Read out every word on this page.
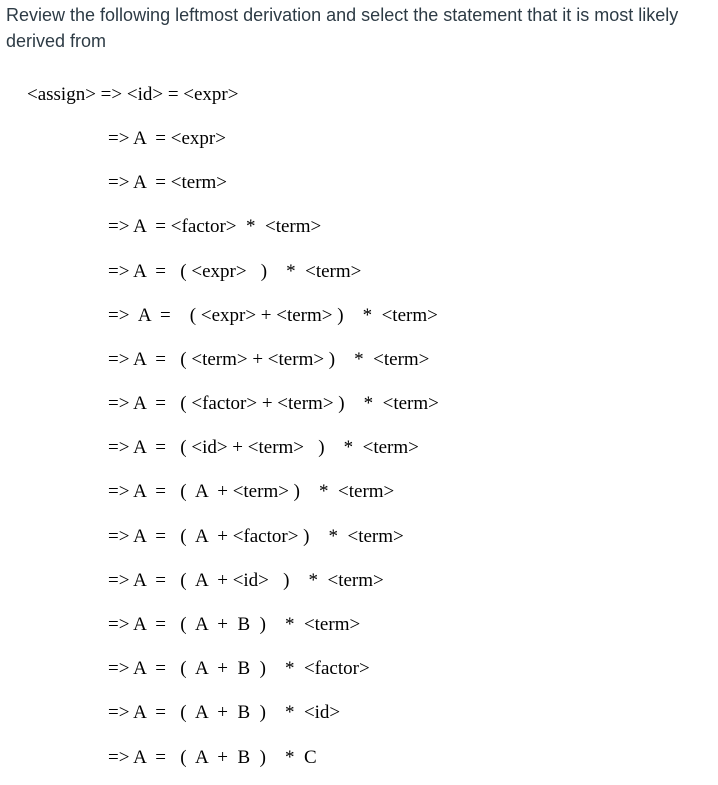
Review the following leftmost derivation and select the statement that it is most likely derived from

<assign> => <id> = <expr>
=> A  = <expr>
=> A  = <term>
=> A  = <factor>  *  <term>
=> A  =   ( <expr>   )    *  <term>
=>  A  =    ( <expr> + <term> )    *  <term>
=> A  =   ( <term> + <term> )    *  <term>
=> A  =   ( <factor> + <term> )    *  <term>
=> A  =   ( <id> + <term>   )    *  <term>
=> A  =   (  A  + <term> )    *  <term>
=> A  =   (  A  + <factor> )    *  <term>
=> A  =   (  A  + <id>   )    *  <term>
=> A  =   (  A  +  B  )    *  <term>
=> A  =   (  A  +  B  )    *  <factor>
=> A  =   (  A  +  B  )    *  <id>
=> A  =   (  A  +  B  )    *  C
